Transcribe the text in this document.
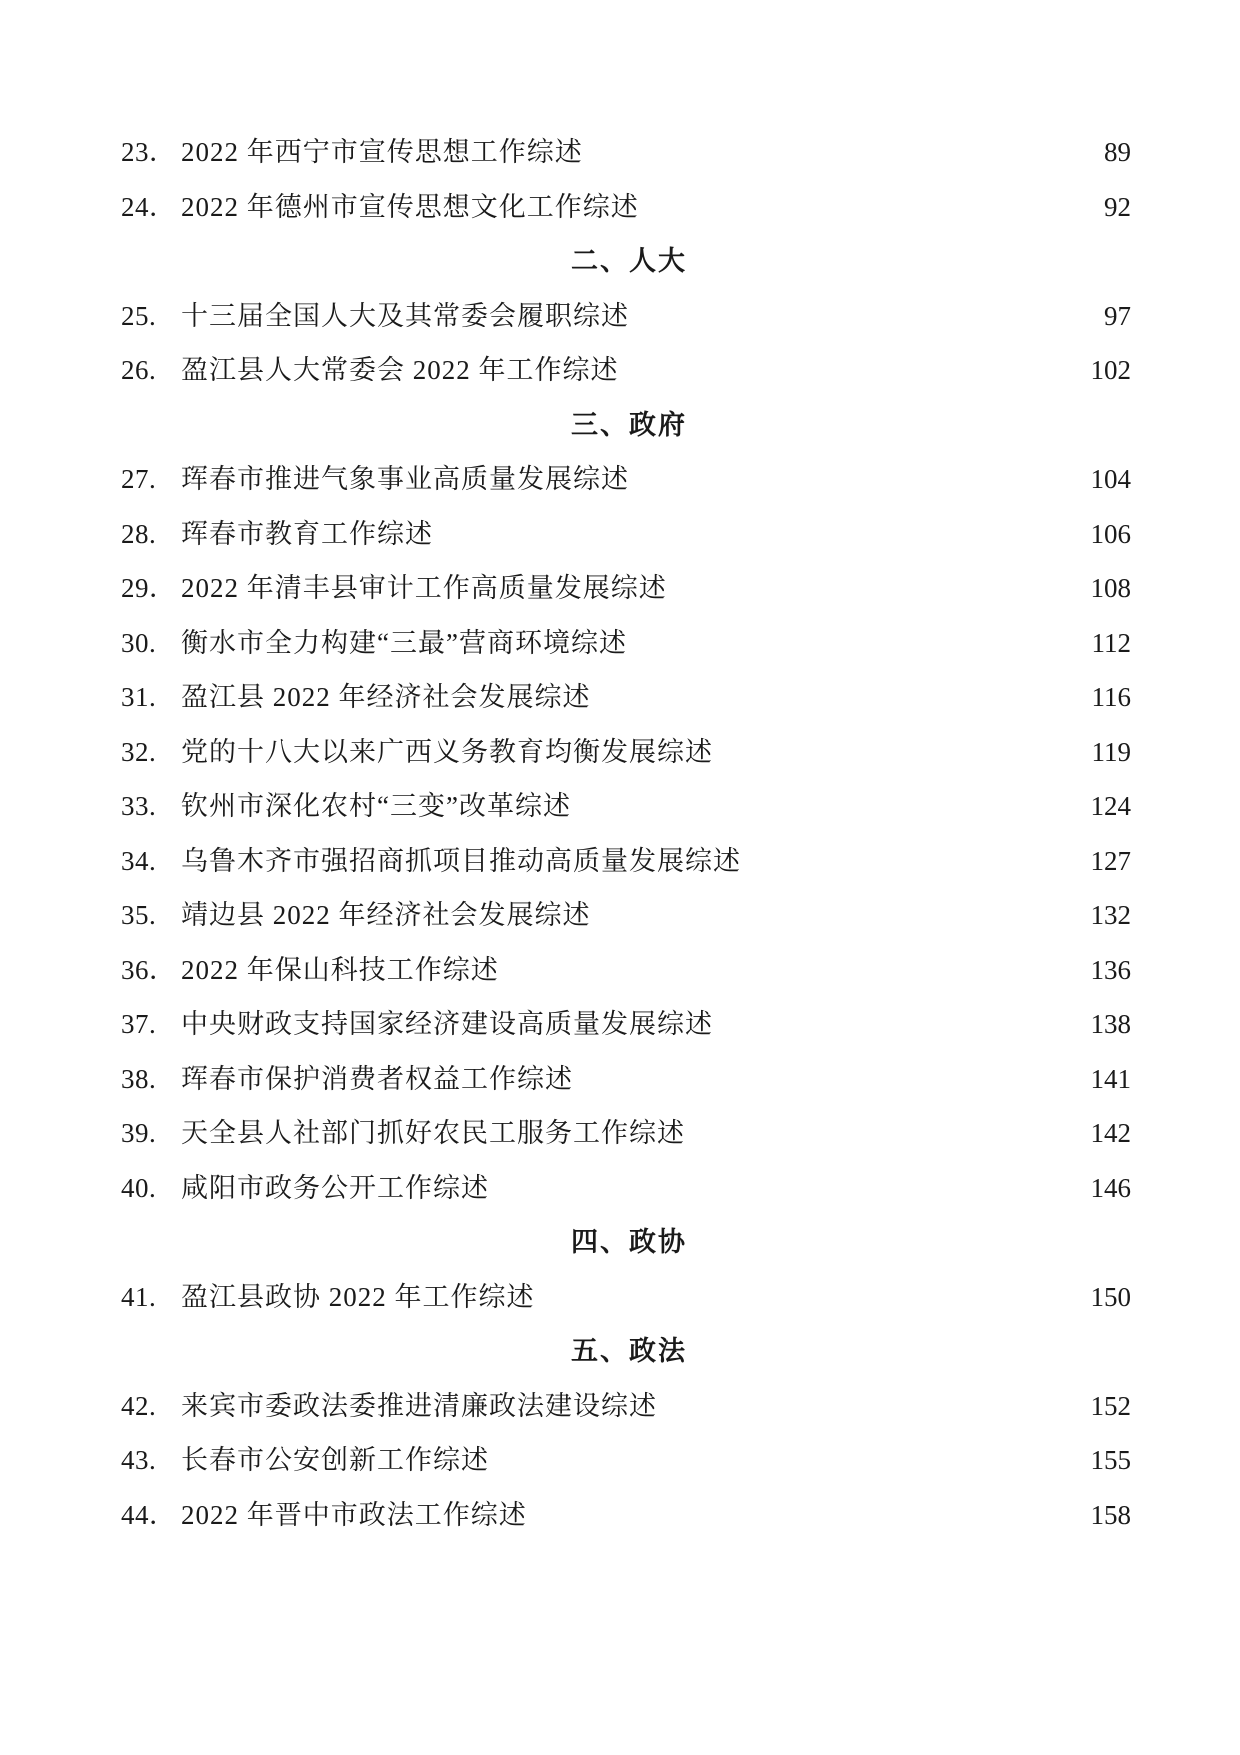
23． 2022 年西宁市宣传思想工作综述	89
24． 2022 年德州市宣传思想文化工作综述	92
二、人大
25. 十三届全国人大及其常委会履职综述	97
26. 盈江县人大常委会 2022 年工作综述	102
三、政府
27. 珲春市推进气象事业高质量发展综述	104
28. 珲春市教育工作综述	106
29． 2022 年清丰县审计工作高质量发展综述	108
30. 衡水市全力构建“三最”营商环境综述	112
31. 盈江县 2022 年经济社会发展综述	116
32. 党的十八大以来广西义务教育均衡发展综述	119
33. 钦州市深化农村“三变”改革综述	124
34. 乌鲁木齐市强招商抓项目推动高质量发展综述	127
35. 靖边县 2022 年经济社会发展综述	132
36． 2022 年保山科技工作综述	136
37. 中央财政支持国家经济建设高质量发展综述	138
38. 珲春市保护消费者权益工作综述	141
39. 天全县人社部门抓好农民工服务工作综述	142
40. 咸阳市政务公开工作综述	146
四、政协
41. 盈江县政协 2022 年工作综述	150
五、政法
42. 来宾市委政法委推进清廉政法建设综述	152
43. 长春市公安创新工作综述	155
44． 2022 年晋中市政法工作综述	158
